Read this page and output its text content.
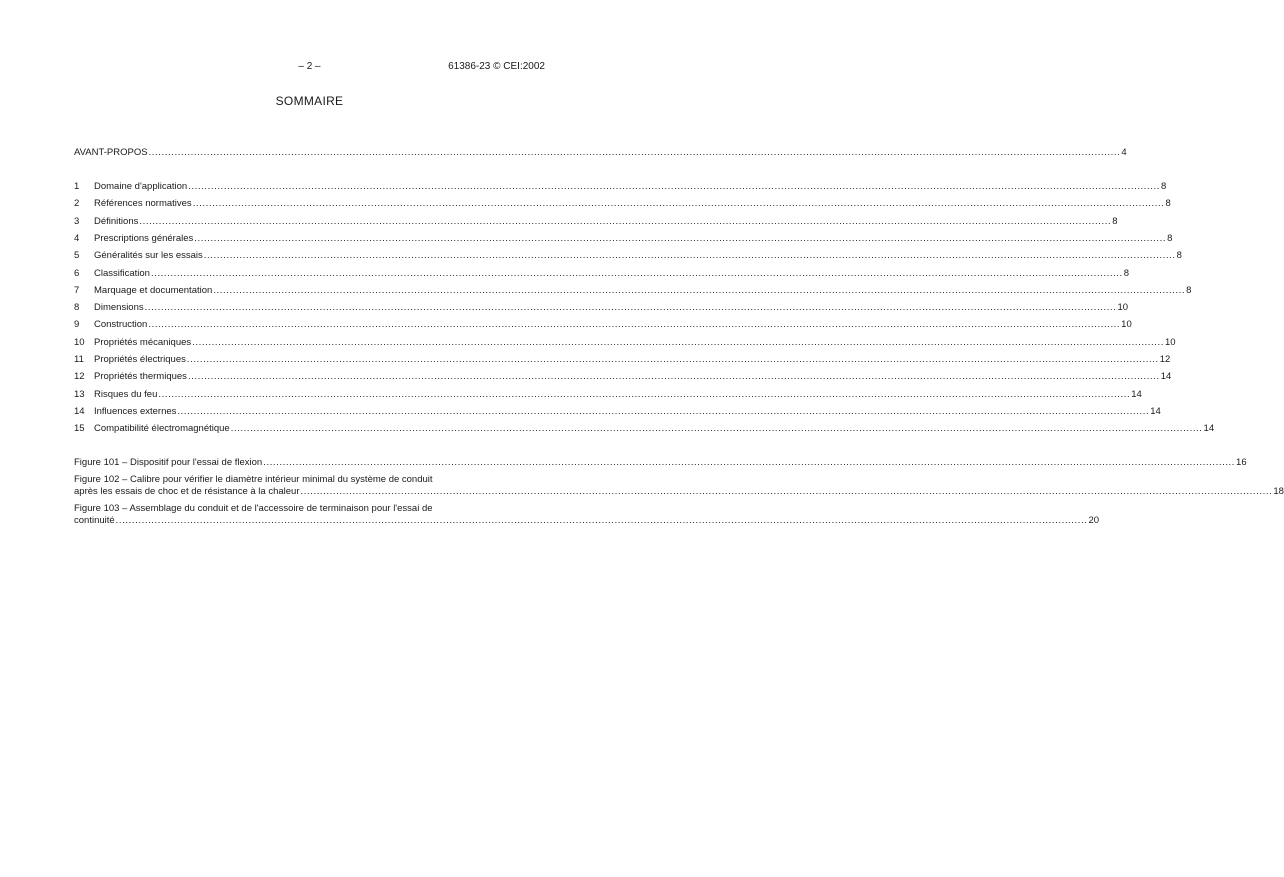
– 2 –	61386-23 © CEI:2002
SOMMAIRE
AVANT-PROPOS ............................................................................................................................................................................................................................................................................................................ 4
1	Domaine d'application ............................................................................................................................................................................................................................................................................................................ 8
2	Références normatives ............................................................................................................................................................................................................................................................................................................ 8
3	Définitions ............................................................................................................................................................................................................................................................................................................ 8
4	Prescriptions générales ............................................................................................................................................................................................................................................................................................................ 8
5	Généralités sur les essais ............................................................................................................................................................................................................................................................................................................ 8
6	Classification ............................................................................................................................................................................................................................................................................................................ 8
7	Marquage et documentation ............................................................................................................................................................................................................................................................................................................ 8
8	Dimensions ............................................................................................................................................................................................................................................................................................................ 10
9	Construction ............................................................................................................................................................................................................................................................................................................ 10
10 Propriétés mécaniques ............................................................................................................................................................................................................................................................................................................ 10
11	Propriétés électriques ............................................................................................................................................................................................................................................................................................................ 12
12 Propriétés thermiques ............................................................................................................................................................................................................................................................................................................ 14
13 Risques du feu ............................................................................................................................................................................................................................................................................................................ 14
14 Influences externes ............................................................................................................................................................................................................................................................................................................ 14
15 Compatibilité électromagnétique ............................................................................................................................................................................................................................................................................................................ 14
Figure 101 – Dispositif pour l'essai de flexion ............................................................................................................................................................................................................................................................................................................ 16
Figure 102 – Calibre pour vérifier le diamètre intérieur minimal du système de conduit
après les essais de choc et de résistance à la chaleur ............................................................................................................................................................................................................................................................................................................ 18
Figure 103 – Assemblage du conduit et de l'accessoire de terminaison pour l'essai de
continuité ............................................................................................................................................................................................................................................................................................................ 20
